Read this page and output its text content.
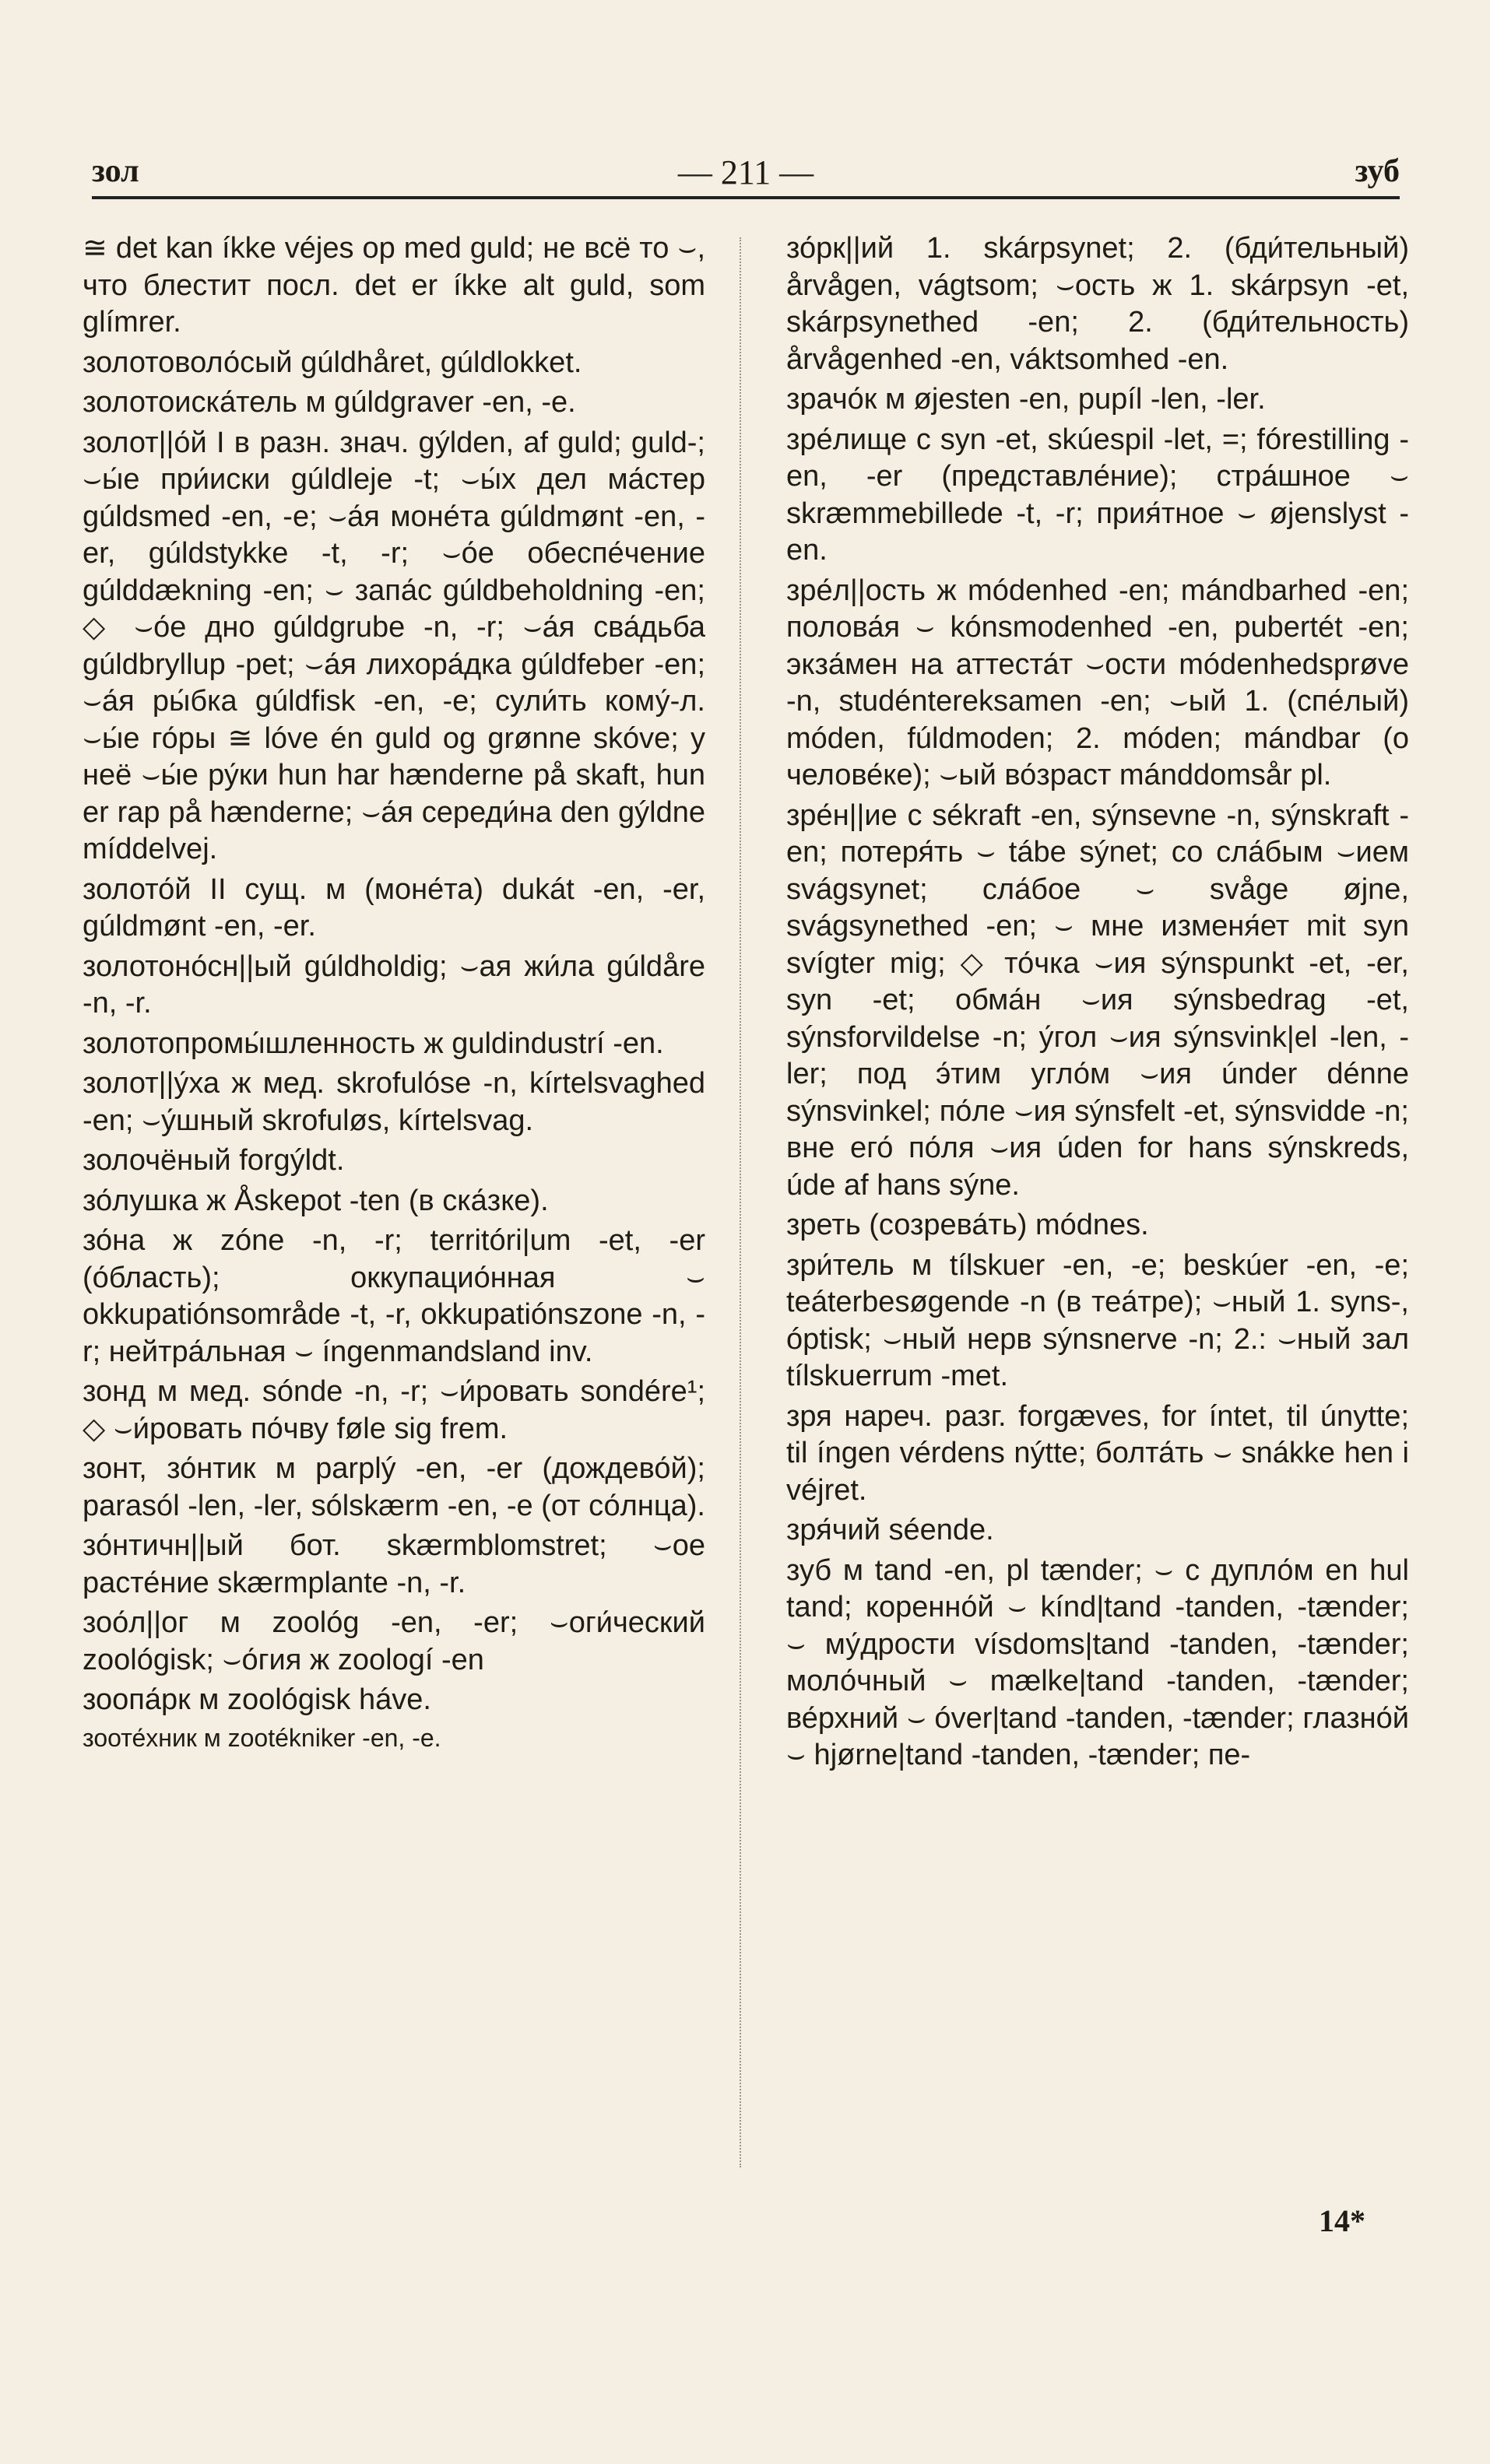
зол	— 211 —	зуб

≅ det kan íkke véjes op med guld; не всё то ⌣, что блестит посл. det er íkke alt guld, som glímrer.

золотоволо́сый gúldhåret, gúldlokket.

золотоиска́тель м gúldgraver -en, -e.

золот||о́й I в разн. знач. gýlden, af guld; guld-; ⌣ы́е при́иски gúldleje -t; ⌣ы́х дел ма́стер gúldsmed -en, -e; ⌣а́я моне́та gúldmønt -en, -er, gúldstykke -t, -r; ⌣о́е обеспе́чение gúlddækning -en; ⌣ запа́с gúldbeholdning -en; ◇ ⌣о́е дно gúldgrube -n, -r; ⌣а́я сва́дьба gúldbryllup -pet; ⌣а́я лихора́дка gúldfeber -en; ⌣а́я ры́бка gúldfisk -en, -e; сули́ть кому́-л. ⌣ы́е го́ры ≅ lóve én guld og grønne skóve; у неё ⌣ы́е ру́ки hun har hænderne på skaft, hun er rap på hænderne; ⌣а́я середи́на den gýldne míddelvej.

золото́й II сущ. м (моне́та) dukát -en, -er, gúldmønt -en, -er.

золотоно́сн||ый gúldholdig; ⌣ая жи́ла gúldåre -n, -r.

золотопромы́шленность ж guldindustrí -en.

золот||у́ха ж мед. skrofulóse -n, kírtelsvaghed -en; ⌣у́шный skrofuløs, kírtelsvag.

золочёный forgýldt.

зо́лушка ж Åskepot -ten (в ска́зке).

зо́на ж zóne -n, -r; territóri|um -et, -er (о́бласть); оккупацио́нная ⌣ okkupatiónsområde -t, -r, okkupatiónszone -n, -r; нейтра́льная ⌣ íngenmandsland inv.

зонд м мед. sónde -n, -r; ⌣и́ровать sondére¹; ◇ ⌣и́ровать по́чву føle sig frem.

зонт, зо́нтик м parplý -en, -er (дождево́й); parasól -len, -ler, sólskærm -en, -e (от со́лнца).

зо́нтичн||ый бот. skærmblomstret; ⌣ое расте́ние skærmplante -n, -r.

зоо́л||ог м zoológ -en, -er; ⌣оги́ческий zoológisk; ⌣о́гия ж zoologí -en

зоопа́рк м zoológisk háve.

зооте́хник м zootékniker -en, -e.

зо́рк||ий 1. skárpsynet; 2. (бди́тельный) årvågen, vágtsom; ⌣ость ж 1. skárpsyn -et, skárpsynethed -en; 2. (бди́тельность) årvågenhed -en, váktsomhed -en.

зрачо́к м øjesten -en, pupíl -len, -ler.

зре́лище с syn -et, skúespil -let, =; fórestilling -en, -er (представле́ние); стра́шное ⌣ skræmmebillede -t, -r; прия́тное ⌣ øjenslyst -en.

зре́л||ость ж módenhed -en; mándbarhed -en; полова́я ⌣ kónsmodenhed -en, pubertét -en; экза́мен на аттеста́т ⌣ости módenhedsprøve -n, studéntereksamen -en; ⌣ый 1. (спе́лый) móden, fúldmoden; 2. móden; mándbar (о челове́ке); ⌣ый во́зраст mánddomsår pl.

зре́н||ие с sékraft -en, sýnsevne -n, sýnskraft -en; потеря́ть ⌣ tábe sýnet; со сла́бым ⌣ием svágsynet; сла́бое ⌣ svåge øjne, svágsynethed -en; ⌣ мне изменя́ет mit syn svígter mig; ◇ то́чка ⌣ия sýnspunkt -et, -er, syn -et; обма́н ⌣ия sýnsbedrag -et, sýnsforvildelse -n; у́гол ⌣ия sýnsvink|el -len, -ler; под э́тим угло́м ⌣ия únder dénne sýnsvinkel; по́ле ⌣ия sýnsfelt -et, sýnsvidde -n; вне его́ по́ля ⌣ия úden for hans sýnskreds, úde af hans sýne.

зреть (созрева́ть) módnes.

зри́тель м tílskuer -en, -e; beskúer -en, -e; teáterbesøgende -n (в теа́тре); ⌣ный 1. syns-, óptisk; ⌣ный нерв sýnsnerve -n; 2.: ⌣ный зал tílskuerrum -met.

зря нареч. разг. forgæves, for íntet, til únytte; til íngen vérdens nýtte; болта́ть ⌣ snákke hen i véjret.

зря́чий séende.

зуб м tand -en, pl tænder; ⌣ с дупло́м en hul tand; коренно́й ⌣ kínd|tand -tanden, -tænder; ⌣ му́дрости vísdoms|tand -tanden, -tænder; моло́чный ⌣ mælke|tand -tanden, -tænder; ве́рхний ⌣ óver|tand -tanden, -tænder; глазно́й ⌣ hjørne|tand -tanden, -tænder; пе-

14*
